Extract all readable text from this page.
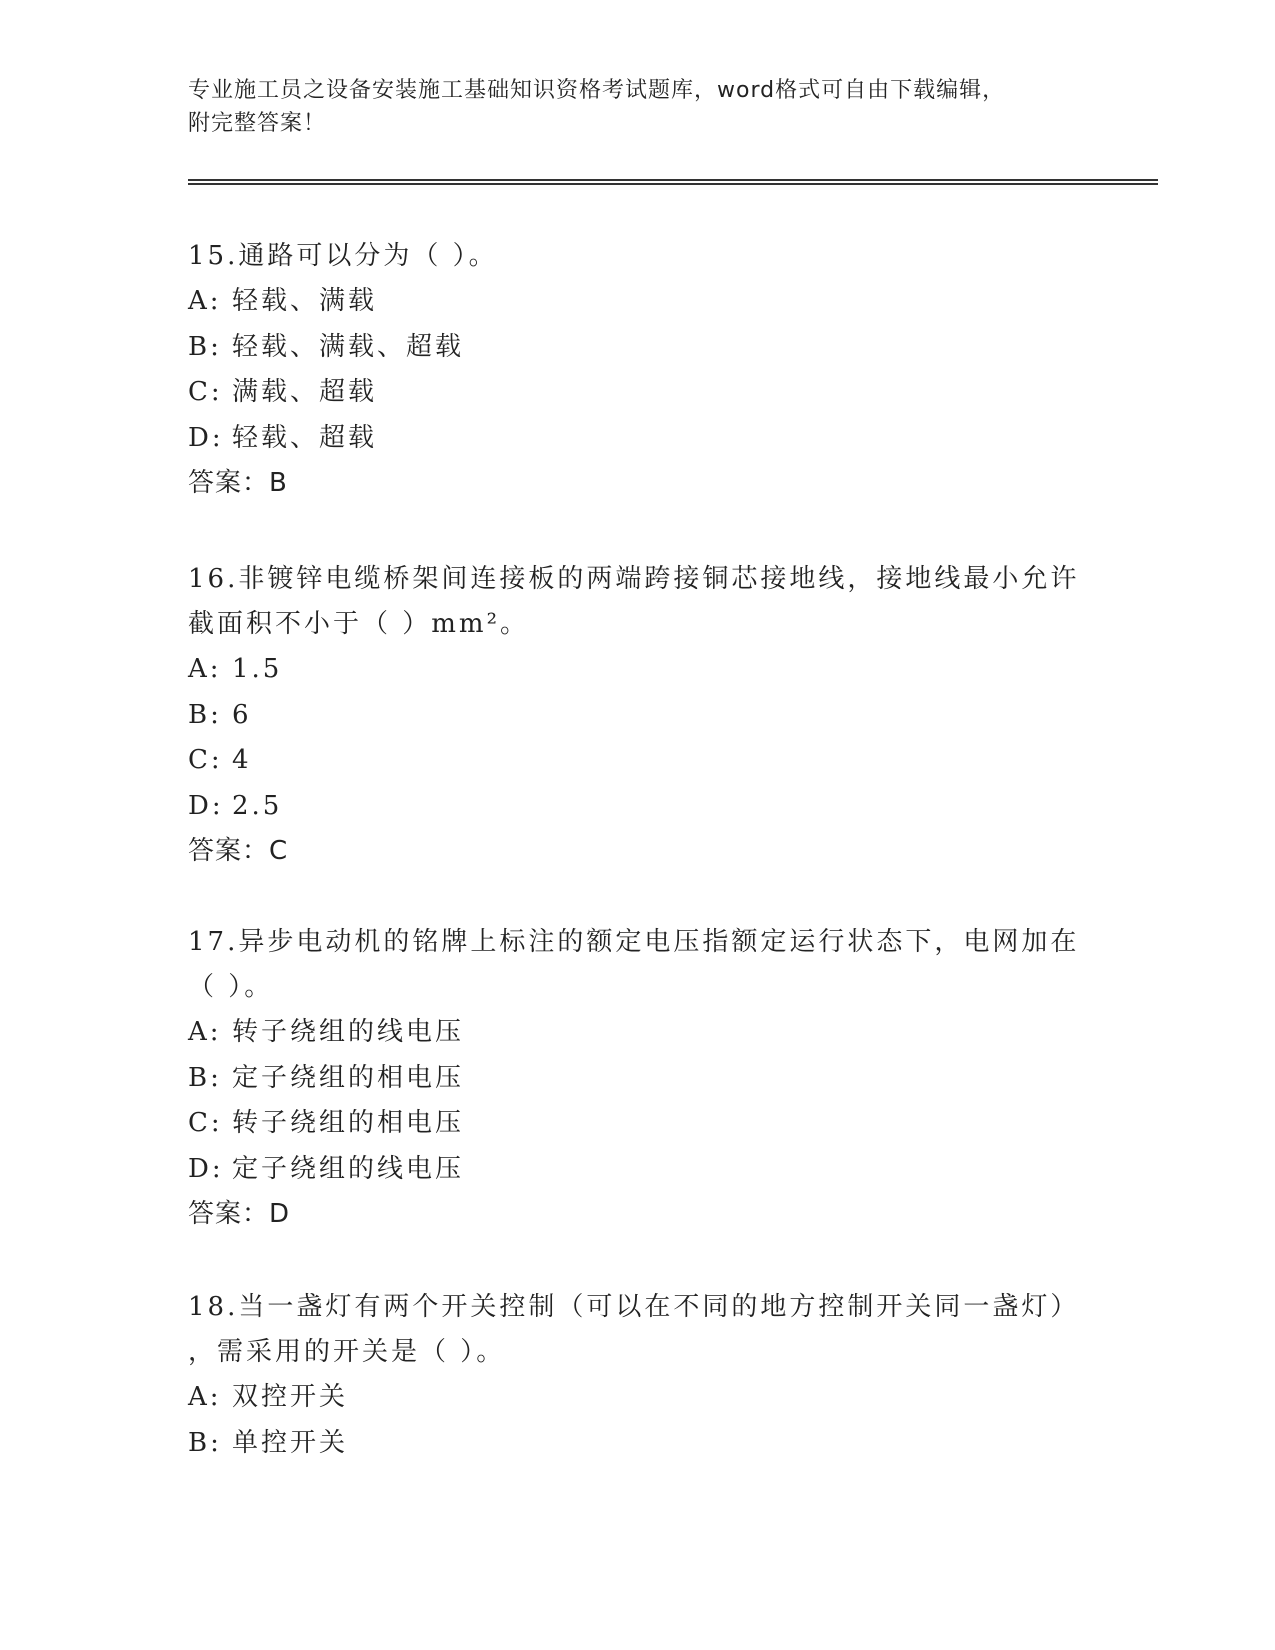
专业施工员之设备安装施工基础知识资格考试题库，word格式可自由下载编辑，
附完整答案！

15.通路可以分为（ ）。

A: 轻载、满载

B: 轻载、满载、超载

C: 满载、超载

D: 轻载、超载

答案：B

16.非镀锌电缆桥架间连接板的两端跨接铜芯接地线，接地线最小允许

截面积不小于（ ）mm²。

A: 1.5

B: 6

C: 4

D: 2.5

答案：C

17.异步电动机的铭牌上标注的额定电压指额定运行状态下，电网加在

（ ）。

A: 转子绕组的线电压

B: 定子绕组的相电压

C: 转子绕组的相电压

D: 定子绕组的线电压

答案：D

18.当一盏灯有两个开关控制（可以在不同的地方控制开关同一盏灯）

，需采用的开关是（ ）。

A: 双控开关

B: 单控开关
